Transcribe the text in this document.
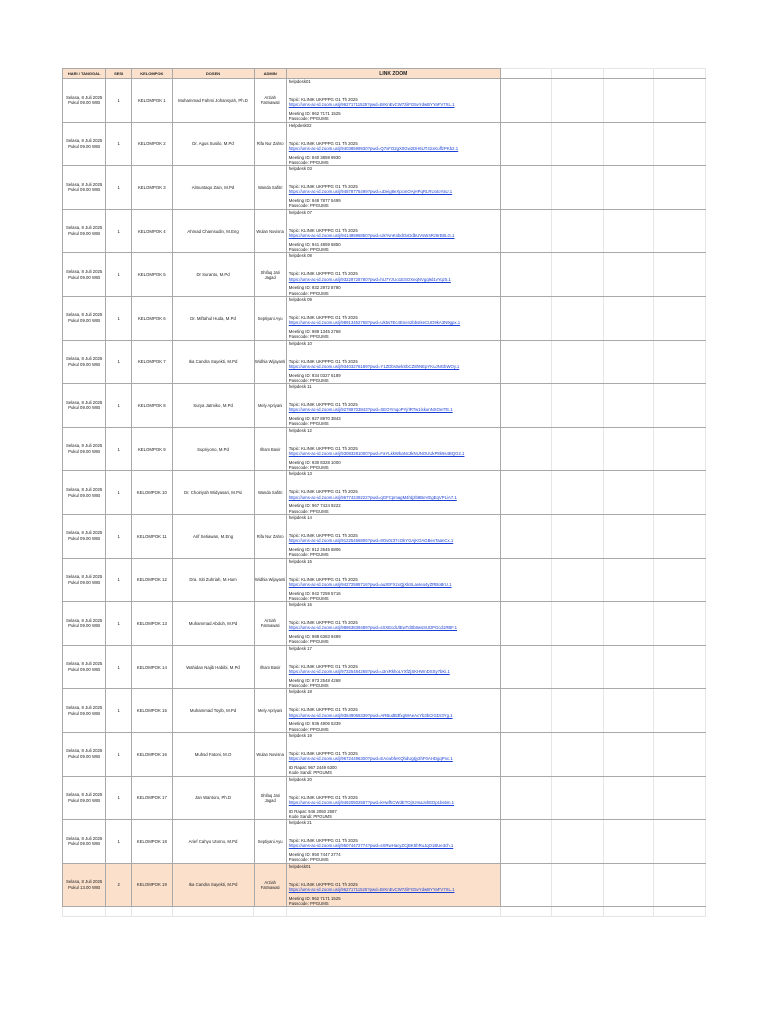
HARI / TANGGAL	SESI	KELOMPOK	DOSEN	ADMIN	LINK ZOOM
Selasa, 8 Juli 2025
Pukul 09.00 WIB	1	KELOMPOK 1	Muhammad Fahmi Johansyah, Ph.D	Arziah Fatmawati
helpdesk01
Topic: KLINIK UKPPPG G1 Th 2025
https://ums-ac-id.zoom.us/j/96271711525?pwd=BrKnEvCW7zliFG5vYdwBYYaFV7XL.1
Meeting ID: 962 7171 1525
Passcode: PPGUMS
Selasa, 8 Juli 2025
Pukul 09.00 WIB	1	KELOMPOK 2	Dr. Agus Susilo, M.Pd	Rifa Nur Zahro
Helpdesk02
Topic: KLINIK UKPPPG G1 Th 2025
https://ums-ac-id.zoom.us/j/94038599930?pwd=Q7xFO2gX0Gw2DH6UT42xKuffzPKb2.1
Meeting ID: 940 3859 9930
Passcode: PPGUMS
Selasa, 8 Juli 2025
Pukul 09.00 WIB	1	KELOMPOK 3	Almuntaqo Zain, M.Pd	Wanda Safitri
helpdesk 03
Topic: KLINIK UKPPPG G1 Th 2025
https://ums-ac-id.zoom.us/j/94878775499?pwd=uDeig8eXpcmOAjHPqRLRUotoYaU.1
Meeting ID: 948 7877 5499
Passcode: PPGUMS
Selasa, 8 Juli 2025
Pukul 09.00 WIB	1	KELOMPOK 4	Ahmad Chamsudin, M.Eng	Wulan Novisna
helpdesk 07
Topic: KLINIK UKPPPG G1 Th 2025
https://ums-ac-id.zoom.us/j/94148596850?pwd=UkYvnKnbdOxDdbUVsW4Rz8rB0LG.1
Meeting ID: 941 4859 6850
Passcode: PPGUMS
Selasa, 8 Juli 2025
Pukul 09.00 WIB	1	KELOMPOK 5	Dr Suranto, M.Pd	Shifaq Jati Jagad
helpdesk 08
Topic: KLINIK UKPPPG G1 Th 2025
https://ums-ac-id.zoom.us/j/93229728780?pwd=hU7YzUo1ESOXeqNVgq9d1vYqz5.1
Meeting ID: 932 2972 8780
Passcode: PPGUMS
Selasa, 8 Juli 2025
Pukul 09.00 WIB	1	KELOMPOK 6	Dr. Miftahul Huda, M.Pd	Septiyani Ayu
helpdesk 09
Topic: KLINIK UKPPPG G1 Th 2025
https://ums-ac-id.zoom.us/j/98913452768?pwd=Uk5s7Ec4Enen2bbsIkeCUD9kA3N9gpx.1
Meeting ID: 989 1345 2768
Passcode: PPGUMS
Selasa, 8 Juli 2025
Pukul 09.00 WIB	1	KELOMPOK 7	Ika Candra Sayekti, M.Pd	Widhia Wijayanti
helpdesk 10
Topic: KLINIK UKPPPG G1 Th 2025
https://ums-ac-id.zoom.us/j/93403276189?pwd=Y1ZDbVaekSbCZ8hNEpYKuJNGbWOy.1
Meeting ID: 934 0327 6189
Passcode: PPGUMS
Selasa, 8 Juli 2025
Pukul 09.00 WIB	1	KELOMPOK 8	Surya Jatmiko, M.Pd	Mely Apriyani
helpdesk 11
Topic: KLINIK UKPPPG G1 Th 2025
https://ums-ac-id.zoom.us/j/92789703843?pwd=SEOYmqoPYjrlRTw1lxkunNSOeITE.1
Meeting ID: 927 8970 3843
Passcode: PPGUMS
Selasa, 8 Juli 2025
Pukul 09.00 WIB	1	KELOMPOK 9	Supriyono, M.Pd	Ilham Basir
helpdesk 12
Topic: KLINIK UKPPPG G1 Th 2025
https://ums-ac-id.zoom.us/j/93083281000?pwd=FaYLkkWbaNc3kNUNOUUkP8k9s4BQG2.1
Meeting ID: 930 8328 1000
Passcode: PPGUMS
Selasa, 8 Juli 2025
Pukul 09.00 WIB	1	KELOMPOK 10	Dr. Choiriyah Widyasari, M.Psi	Wanda Safitri
helpdesk 13
Topic: KLINIK UKPPPG G1 Th 2025
https://ums-ac-id.zoom.us/j/96774249222?pwd=qGFCpmagM4htj2b8BeVEgEqVPLiA7.1
Meeting ID: 967 7424 9222
Passcode: PPGUMS
Selasa, 8 Juli 2025
Pukul 09.00 WIB	1	KELOMPOK 11	Arif Setiawan, M.Eng	Rifa Nur Zahro
helpdesk 14
Topic: KLINIK UKPPPG G1 Th 2025
https://ums-ac-id.zoom.us/j/91225456806?pwd=9Ov0z37cOkYGAjKOAGBexTaanCx.1
Meeting ID: 912 2545 6806
Passcode: PPGUMS
Selasa, 8 Juli 2025
Pukul 09.00 WIB	1	KELOMPOK 12	Dra. Siti Zuhriah, M.Hum	Widhia Wijayanti
helpdesk 15
Topic: KLINIK UKPPPG G1 Th 2025
https://ums-ac-id.zoom.us/j/94272595716?pwd=auzEFXzxQjXkSLavIeo4yZRBoBrU.1
Meeting ID: 942 7259 5716
Passcode: PPGUMS
Selasa, 8 Juli 2025
Pukul 09.00 WIB	1	KELOMPOK 13	Muhammad Abduh, M.Pd	Arziah Fatmawati
helpdesk 16
Topic: KLINIK UKPPPG G1 Th 2025
https://ums-ac-id.zoom.us/j/98863839489?pwd=sXXEcdUlEwTd0b8wsSUDPGcd1RBF.1
Meeting ID: 988 6383 9489
Passcode: PPGUMS
Selasa, 8 Juli 2025
Pukul 09.00 WIB	1	KELOMPOK 14	Wahidan Najib Habibi, M.Pd	Ilham Basir
helpdesk 17
Topic: KLINIK UKPPPG G1 Th 2025
https://ums-ac-id.zoom.us/j/97325484268?pwd=u3rxRkhoLYXfZjSKHWnDSSy7bKi.1
Meeting ID: 973 2548 4268
Passcode: PPGUMS
Selasa, 8 Juli 2025
Pukul 09.00 WIB	1	KELOMPOK 15	Muhammad Toyib, M.Pd	Mely Apriyani
helpdesk 18
Topic: KLINIK UKPPPG G1 Th 2025
https://ums-ac-id.zoom.us/j/93649065339?pwd=ARBudB3fxgWAeAcYb3bCIGDr3Yg.1
Meeting ID: 936 4906 5339
Passcode: PPGUMS
Selasa, 8 Juli 2025
Pukul 09.00 WIB	1	KELOMPOK 16	Muhsd Fatoni, M.O	Wulan Novisna
helpdesk 19
Topic: KLINIK UKPPPG G1 Th 2025
https://ums-ac-id.zoom.us/j/96724496300?pwd=EAcwbfeKQhdUgtjy2hF0AHDgqPnc.1
ID Rapat: 967 2449 6300
Kode Sandi: PPGUMS
Selasa, 8 Juli 2025
Pukul 09.00 WIB	1	KELOMPOK 17	Jan Wantoro, Ph.D	Shifaq Jati Jagad
helpdesk 20
Topic: KLINIK UKPPPG G1 Th 2025
https://ums-ac-id.zoom.us/j/94620502587?pwd=kHwfhCWdETOjXJmaJxhEDp1bs6m.1
ID Rapat: 946 2050 2587
Kode Sandi: PPGUMS
Selasa, 8 Juli 2025
Pukul 09.00 WIB	1	KELOMPOK 18	Arief Cahyo Utomo, M.Pd	Septiyani Ayu
helpdesk 21
Topic: KLINIK UKPPPG G1 Th 2025
https://ums-ac-id.zoom.us/j/95074472774?pwd=sXRwHacyZCjBK5hRuJqO1BUe3ch.1
Meeting ID: 950 7447 2774
Passcode: PPGUMS
Selasa, 8 Juli 2025
Pukul 13.00 WIB	2	KELOMPOK 19	Ika Candra Sayekti, M.Pd	Arziah Fatmawati
helpdesk01
Topic: KLINIK UKPPPG G1 Th 2025
https://ums-ac-id.zoom.us/j/96271711525?pwd=BrKnEvCW7zliFG5vYdwBYYaFV7XL.1
Meeting ID: 962 7171 1525
Passcode: PPGUMS
